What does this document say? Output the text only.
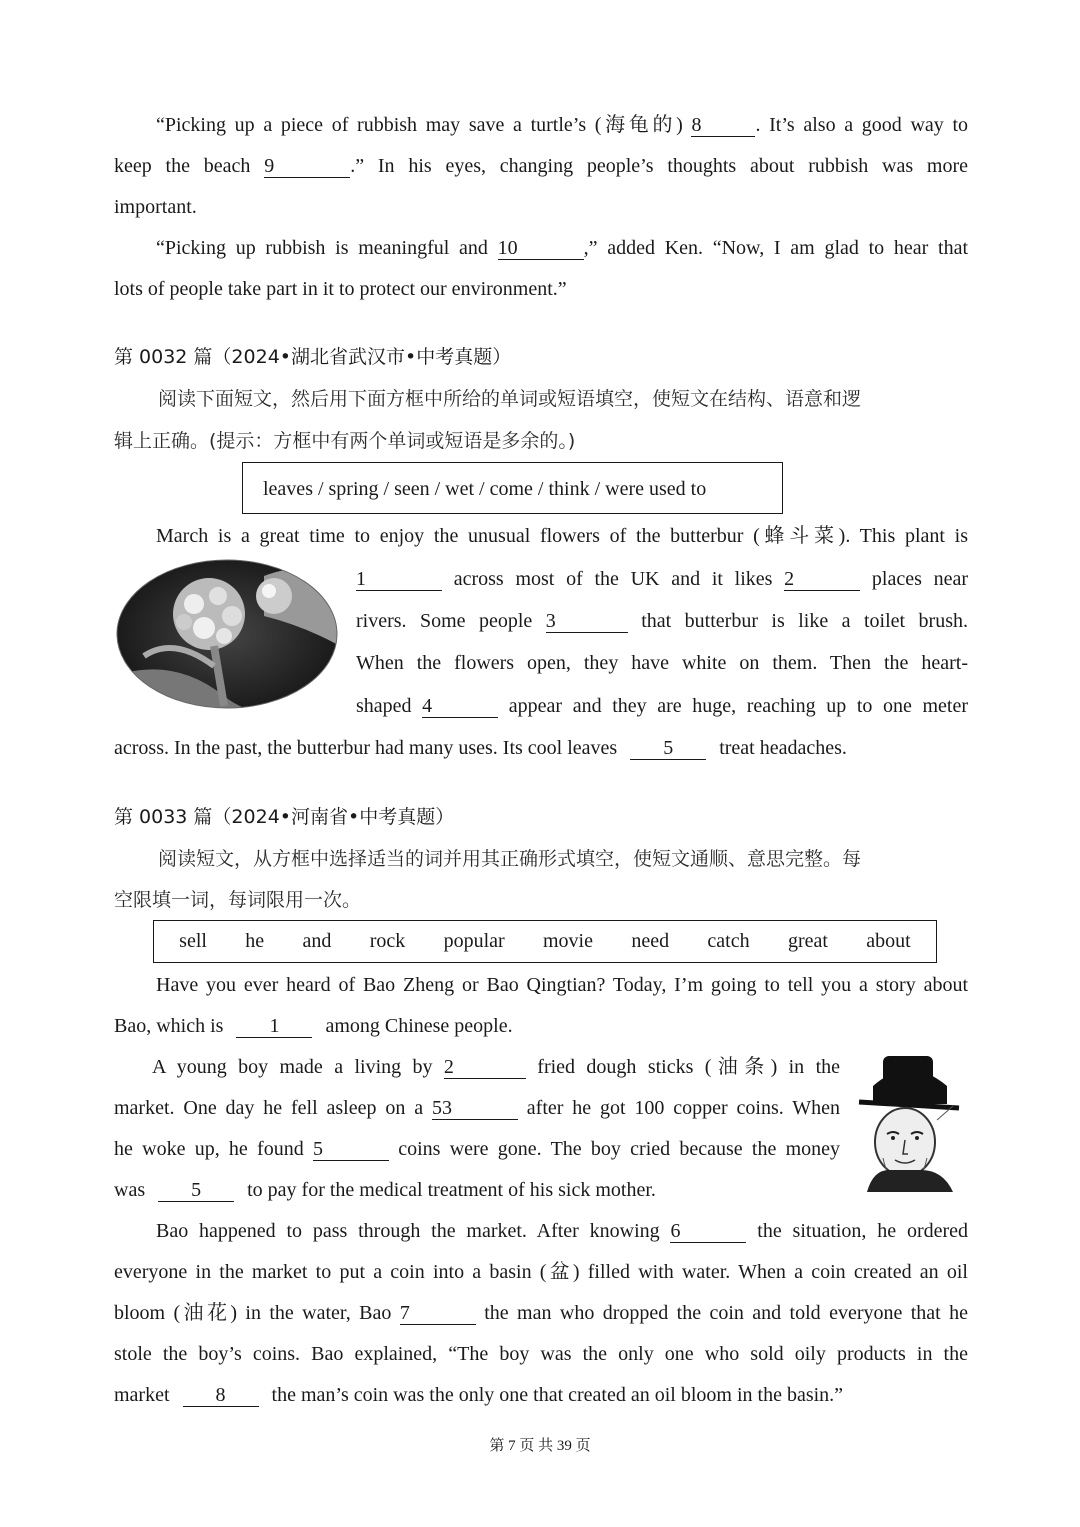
“Picking up a piece of rubbish may save a turtle’s (海龟的) 8	. It’s also a good way to
keep the beach 9	.” In his eyes, changing people’s thoughts about rubbish was more
important.
“Picking up rubbish is meaningful and 10	,” added Ken. “Now, I am glad to hear that
lots of people take part in it to protect our environment.”
第 0032 篇（2024•湖北省武汉市•中考真题）
阅读下面短文，然后用下面方框中所给的单词或短语填空，使短文在结构、语意和逻
辑上正确。(提示：方框中有两个单词或短语是多余的。)
leaves / spring / seen / wet / come / think / were used to
March is a great time to enjoy the unusual flowers of the butterbur (蜂斗菜). This plant is
1	across most of the UK and it likes 2	places near
rivers. Some people 3	that butterbur is like a toilet brush.
When the flowers open, they have white on them. Then the heart-
shaped 4	appear and they are huge, reaching up to one meter
across. In the past, the butterbur had many uses. Its cool leaves 5 treat headaches.
第 0033 篇（2024•河南省•中考真题）
阅读短文，从方框中选择适当的词并用其正确形式填空，使短文通顺、意思完整。每
空限填一词，每词限用一次。
sell he and rock popular movie need catch great about
Have you ever heard of Bao Zheng or Bao Qingtian? Today, I’m going to tell you a story about
Bao, which is 1 among Chinese people.
A young boy made a living by 2	fried dough sticks (油条) in the
market. One day he fell asleep on a 53	after he got 100 copper coins. When
he woke up, he found 5	coins were gone. The boy cried because the money
was 5 to pay for the medical treatment of his sick mother.
Bao happened to pass through the market. After knowing 6	the situation, he ordered
everyone in the market to put a coin into a basin (盆) filled with water. When a coin created an oil
bloom (油花) in the water, Bao 7	the man who dropped the coin and told everyone that he
stole the boy’s coins. Bao explained, “The boy was the only one who sold oily products in the
market 8 the man’s coin was the only one that created an oil bloom in the basin.”
第 7 页 共 39 页
